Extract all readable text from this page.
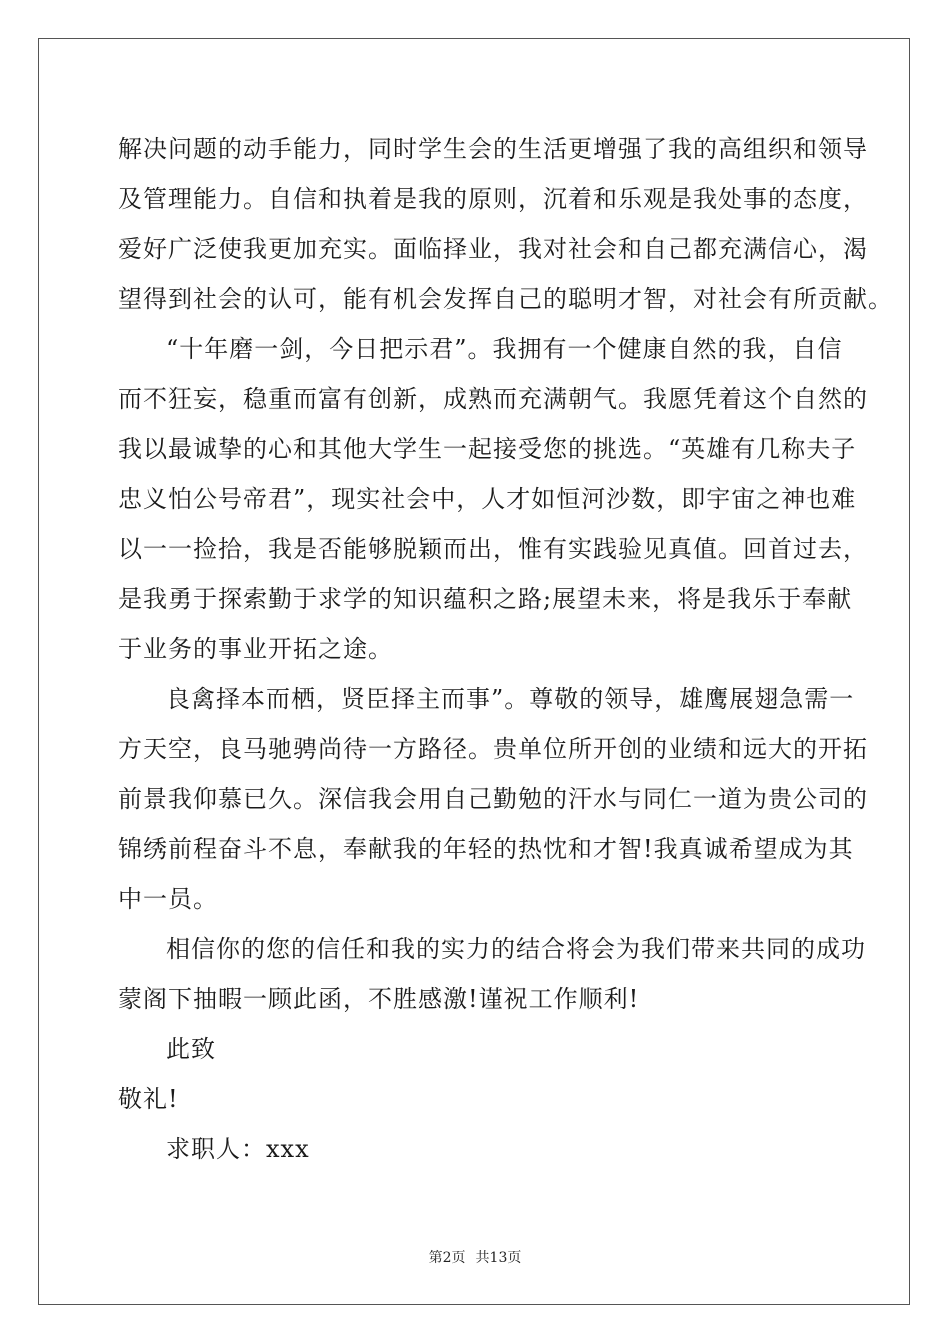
解决问题的动手能力，同时学生会的生活更增强了我的高组织和领导
及管理能力。自信和执着是我的原则，沉着和乐观是我处事的态度，
爱好广泛使我更加充实。面临择业，我对社会和自己都充满信心，渴
望得到社会的认可，能有机会发挥自己的聪明才智，对社会有所贡献。
“十年磨一剑，今日把示君”。我拥有一个健康自然的我，自信
而不狂妄，稳重而富有创新，成熟而充满朝气。我愿凭着这个自然的
我以最诚挚的心和其他大学生一起接受您的挑选。“英雄有几称夫子
忠义怕公号帝君”，现实社会中，人才如恒河沙数，即宇宙之神也难
以一一捡拾，我是否能够脱颖而出，惟有实践验见真值。回首过去，
是我勇于探索勤于求学的知识蕴积之路;展望未来，将是我乐于奉献
于业务的事业开拓之途。
良禽择本而栖，贤臣择主而事”。尊敬的领导，雄鹰展翅急需一
方天空，良马驰骋尚待一方路径。贵单位所开创的业绩和远大的开拓
前景我仰慕已久。深信我会用自己勤勉的汗水与同仁一道为贵公司的
锦绣前程奋斗不息，奉献我的年轻的热忱和才智!我真诚希望成为其
中一员。
相信你的您的信任和我的实力的结合将会为我们带来共同的成功
蒙阁下抽暇一顾此函，不胜感激!谨祝工作顺利!
此致
敬礼!
求职人：xxx
第2页 共13页
